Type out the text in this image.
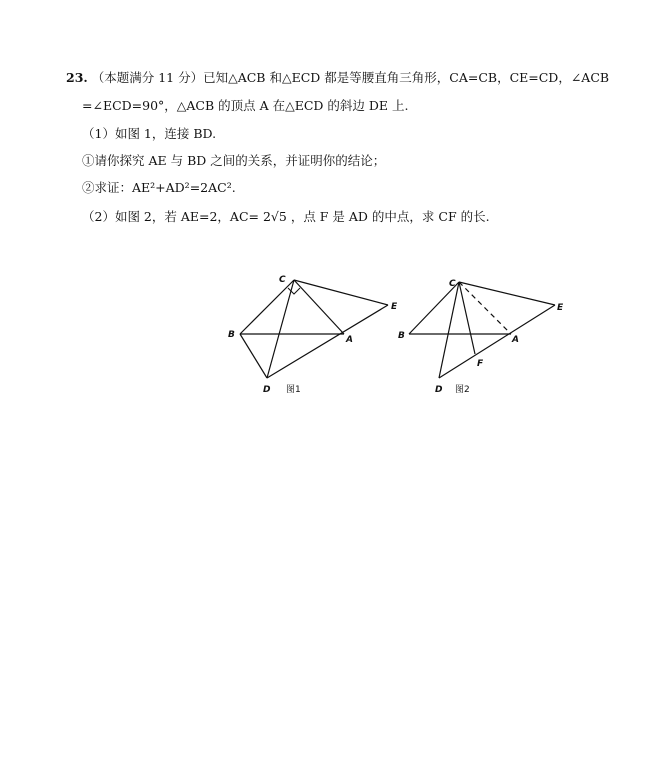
23. （本题满分 11 分）已知△ACB 和△ECD 都是等腰直角三角形，CA=CB，CE=CD，∠ACB
=∠ECD=90°，△ACB 的顶点 A 在△ECD 的斜边 DE 上.
（1）如图 1，连接 BD.
①请你探究 AE 与 BD 之间的关系，并证明你的结论；
②求证：AE²+AD²=2AC².
（2）如图 2，若 AE=2，AC= 2√5 ，点 F 是 AD 的中点，求 CF 的长.
C
B	A
E
D 图1
C
B	A
E
F
D 图2
